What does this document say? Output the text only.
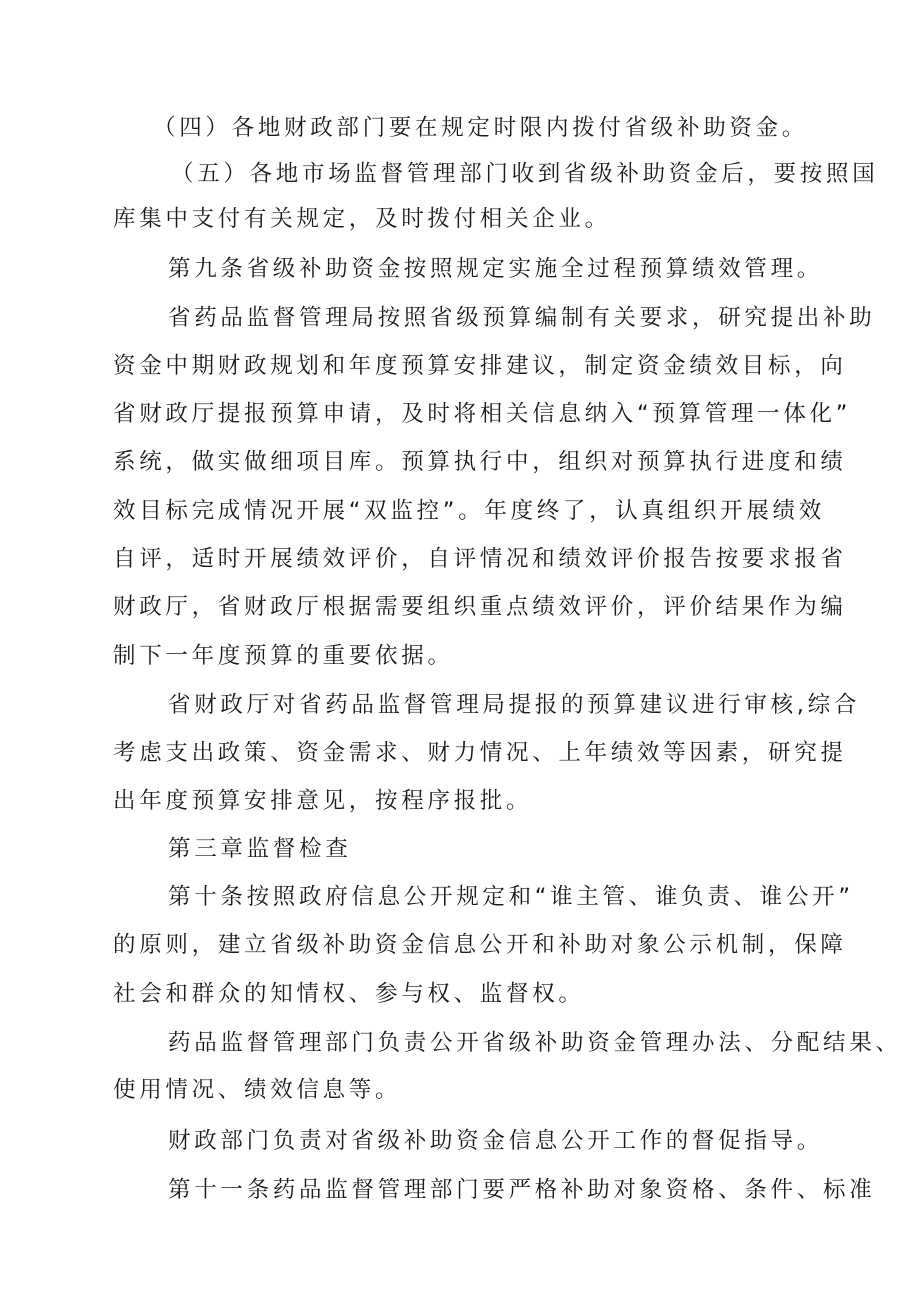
（四）各地财政部门要在规定时限内拨付省级补助资金。
（五）各地市场监督管理部门收到省级补助资金后，要按照国
库集中支付有关规定，及时拨付相关企业。
第九条省级补助资金按照规定实施全过程预算绩效管理。
省药品监督管理局按照省级预算编制有关要求，研究提出补助
资金中期财政规划和年度预算安排建议，制定资金绩效目标，向
省财政厅提报预算申请，及时将相关信息纳入“预算管理一体化”
系统，做实做细项目库。预算执行中，组织对预算执行进度和绩
效目标完成情况开展“双监控”。年度终了，认真组织开展绩效
自评，适时开展绩效评价，自评情况和绩效评价报告按要求报省
财政厅，省财政厅根据需要组织重点绩效评价，评价结果作为编
制下一年度预算的重要依据。
省财政厅对省药品监督管理局提报的预算建议进行审核,综合
考虑支出政策、资金需求、财力情况、上年绩效等因素，研究提
出年度预算安排意见，按程序报批。
第三章监督检查
第十条按照政府信息公开规定和“谁主管、谁负责、谁公开”
的原则，建立省级补助资金信息公开和补助对象公示机制，保障
社会和群众的知情权、参与权、监督权。
药品监督管理部门负责公开省级补助资金管理办法、分配结果、
使用情况、绩效信息等。
财政部门负责对省级补助资金信息公开工作的督促指导。
第十一条药品监督管理部门要严格补助对象资格、条件、标准
